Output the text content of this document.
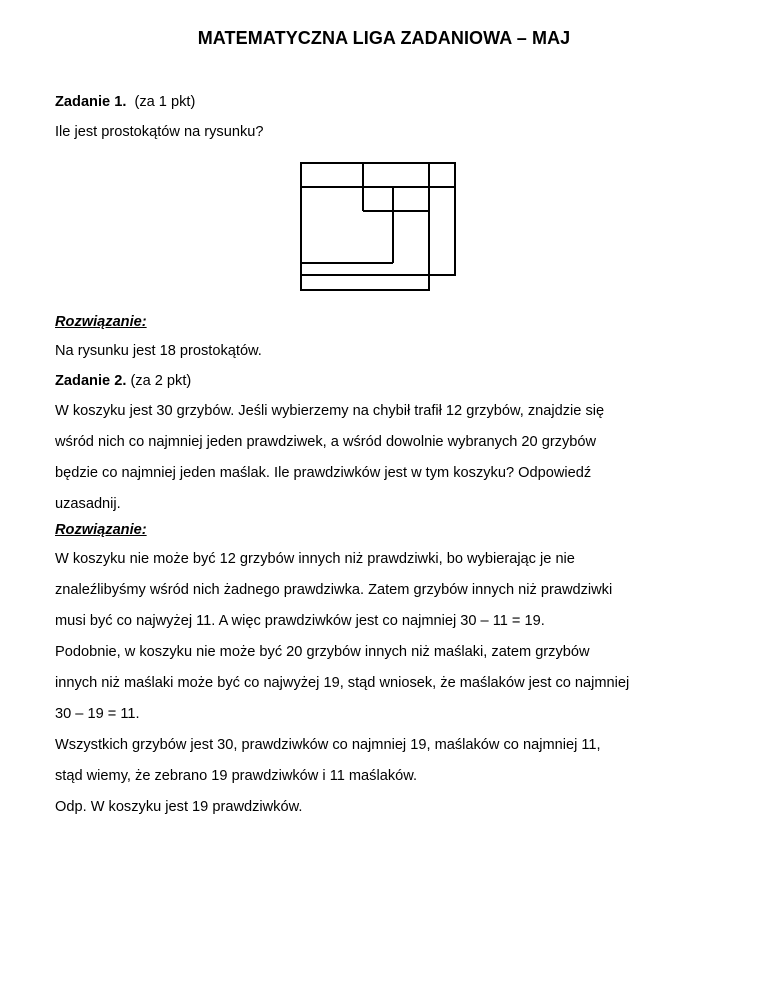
MATEMATYCZNA LIGA ZADANIOWA – MAJ
Zadanie 1. (za 1 pkt)
Ile jest prostokątów na rysunku?
Rozwiązanie:
Na rysunku jest 18 prostokątów.
Zadanie 2. (za 2 pkt)
W koszyku jest 30 grzybów. Jeśli wybierzemy na chybił trafił 12 grzybów, znajdzie się
wśród nich co najmniej jeden prawdziwek, a wśród dowolnie wybranych 20 grzybów
będzie co najmniej jeden maślak. Ile prawdziwków jest w tym koszyku? Odpowiedź
uzasadnij.
Rozwiązanie:
W koszyku nie może być 12 grzybów innych niż prawdziwki, bo wybierając je nie
znaleźlibyśmy wśród nich żadnego prawdziwka. Zatem grzybów innych niż prawdziwki
musi być co najwyżej 11. A więc prawdziwków jest co najmniej 30 – 11 = 19.
Podobnie, w koszyku nie może być 20 grzybów innych niż maślaki, zatem grzybów
innych niż maślaki może być co najwyżej 19, stąd wniosek, że maślaków jest co najmniej
30 – 19 = 11.
Wszystkich grzybów jest 30, prawdziwków co najmniej 19, maślaków co najmniej 11,
stąd wiemy, że zebrano 19 prawdziwków i 11 maślaków.
Odp. W koszyku jest 19 prawdziwków.
